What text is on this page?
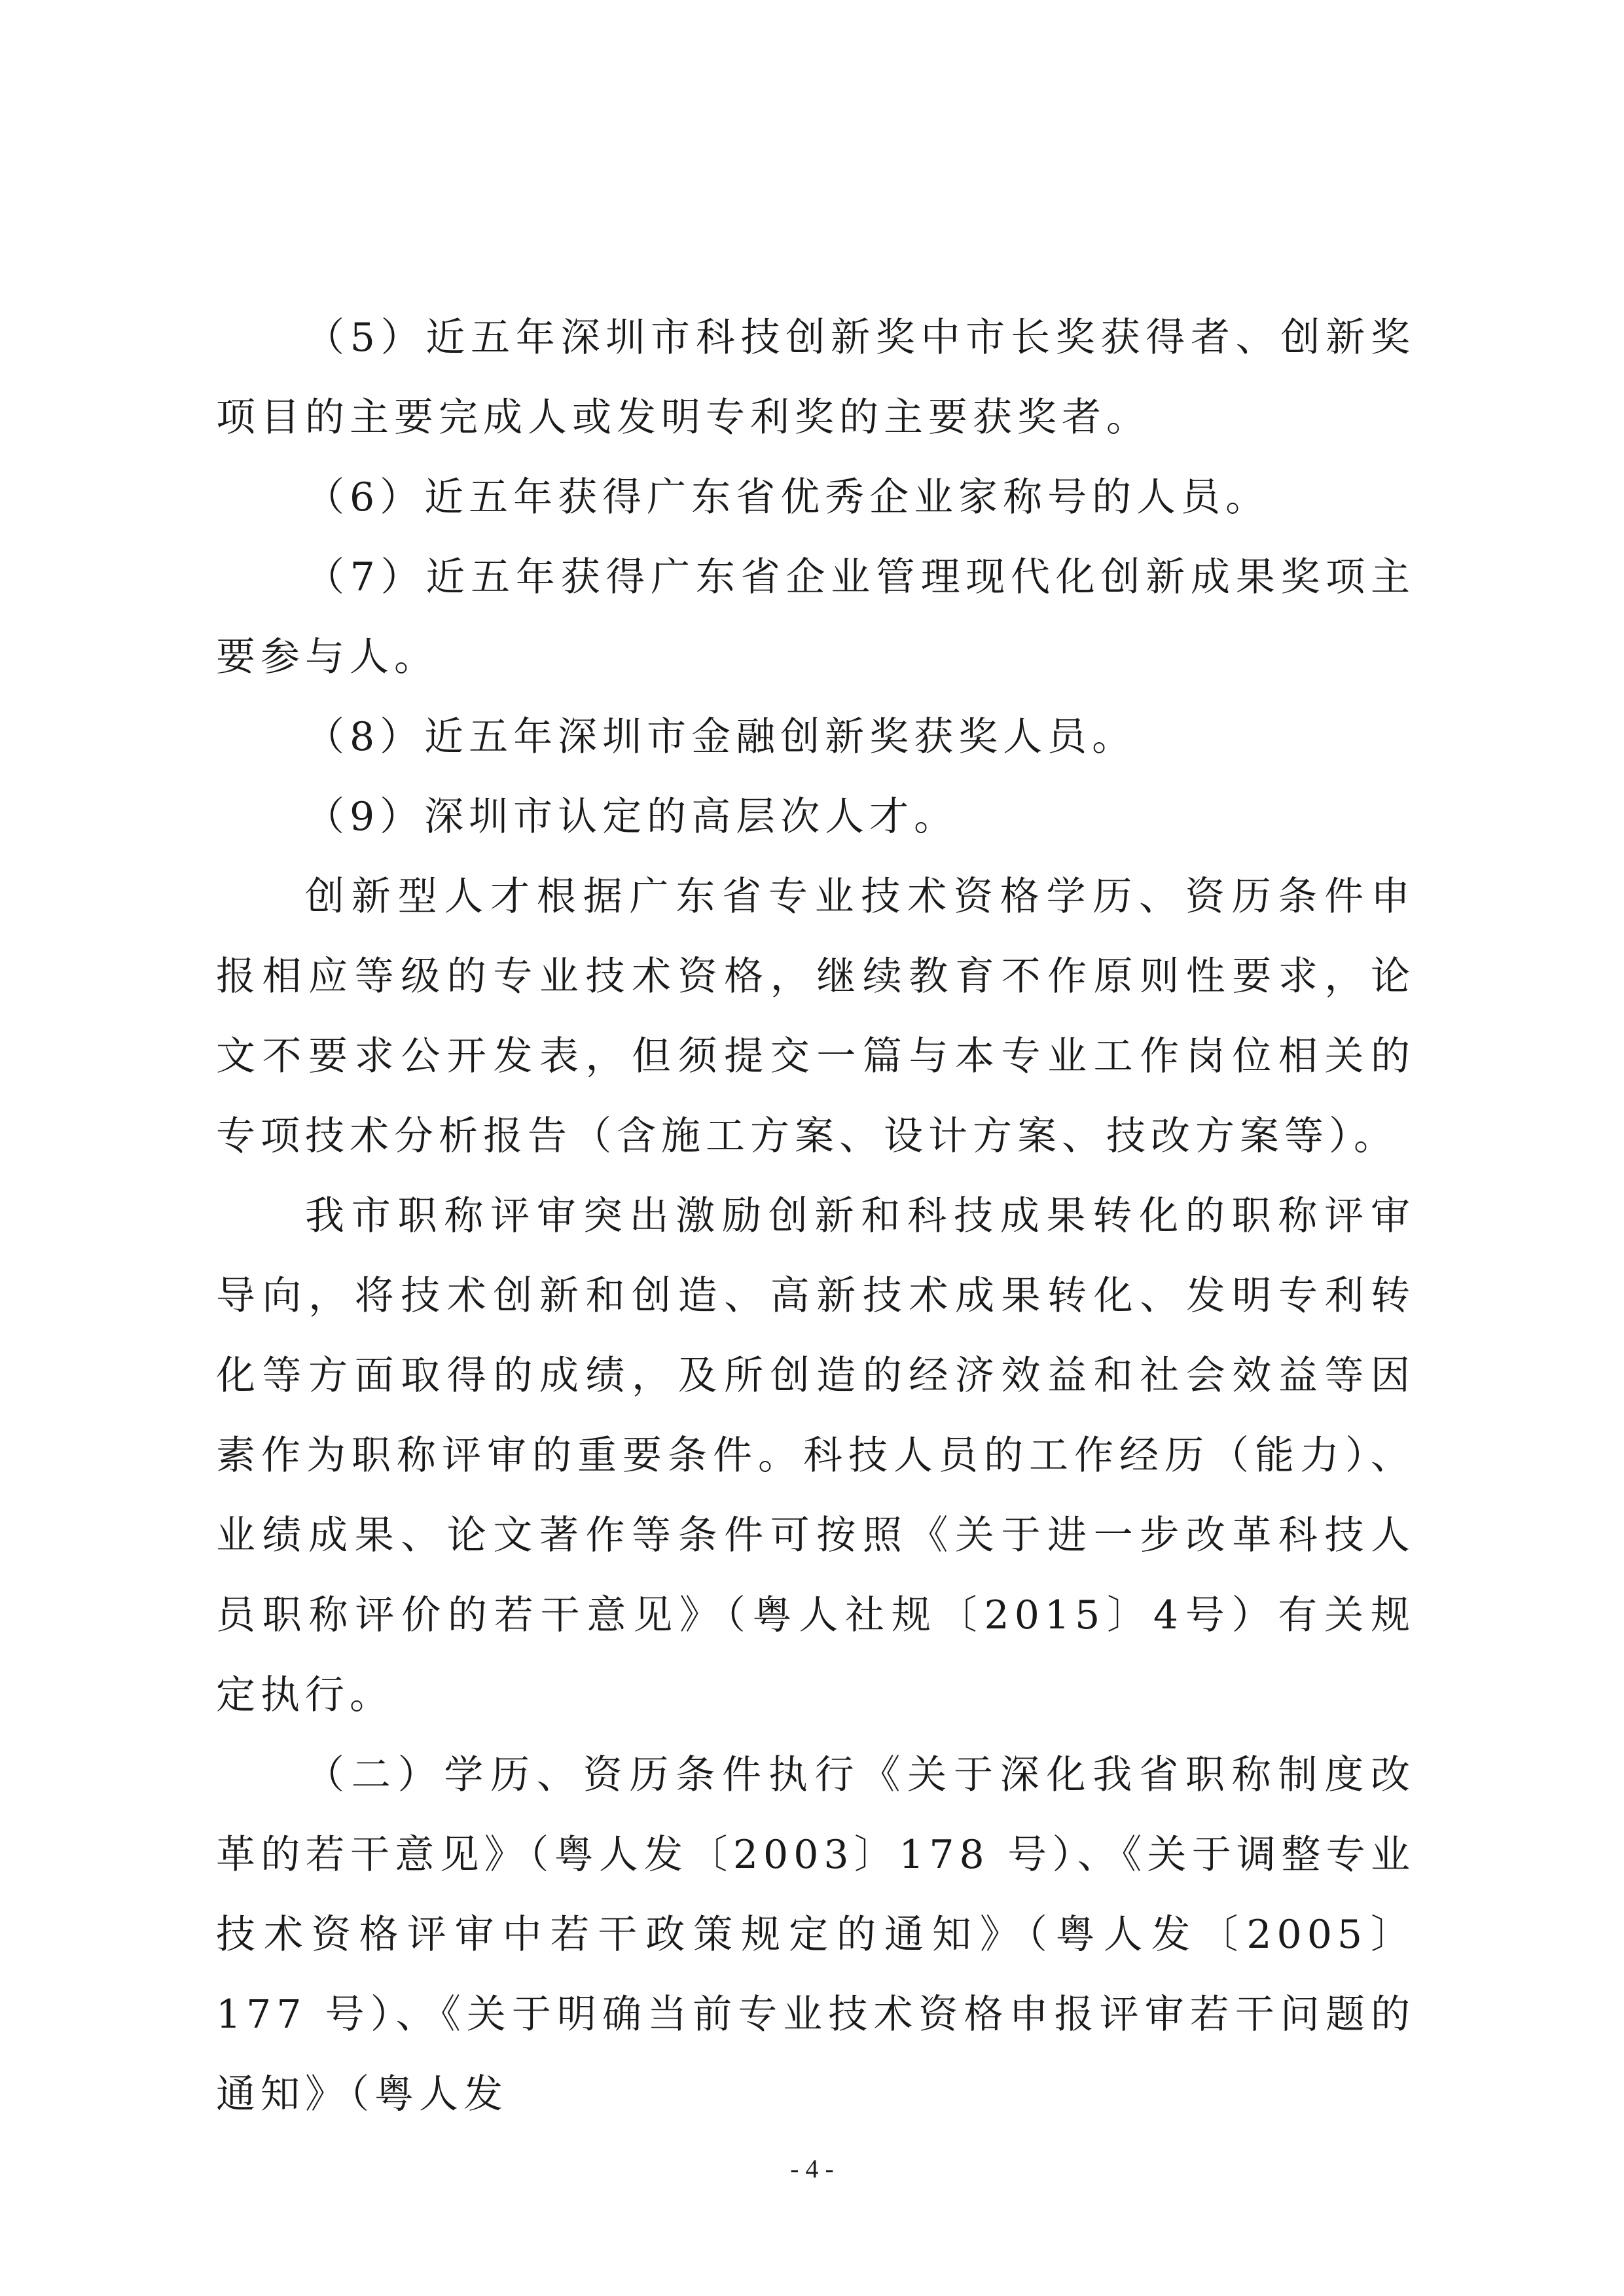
（5）近五年深圳市科技创新奖中市长奖获得者、创新奖项目的主要完成人或发明专利奖的主要获奖者。

（6）近五年获得广东省优秀企业家称号的人员。

（7）近五年获得广东省企业管理现代化创新成果奖项主要参与人。

（8）近五年深圳市金融创新奖获奖人员。

（9）深圳市认定的高层次人才。

创新型人才根据广东省专业技术资格学历、资历条件申报相应等级的专业技术资格，继续教育不作原则性要求，论文不要求公开发表，但须提交一篇与本专业工作岗位相关的专项技术分析报告（含施工方案、设计方案、技改方案等）。

我市职称评审突出激励创新和科技成果转化的职称评审导向，将技术创新和创造、高新技术成果转化、发明专利转化等方面取得的成绩，及所创造的经济效益和社会效益等因素作为职称评审的重要条件。科技人员的工作经历（能力）、业绩成果、论文著作等条件可按照《关于进一步改革科技人员职称评价的若干意见》（粤人社规〔2015〕4号）有关规定执行。

（二）学历、资历条件执行《关于深化我省职称制度改革的若干意见》（粤人发〔2003〕178 号）、《关于调整专业技术资格评审中若干政策规定的通知》（粤人发〔2005〕177 号）、《关于明确当前专业技术资格申报评审若干问题的通知》（粤人发

- 4 -
